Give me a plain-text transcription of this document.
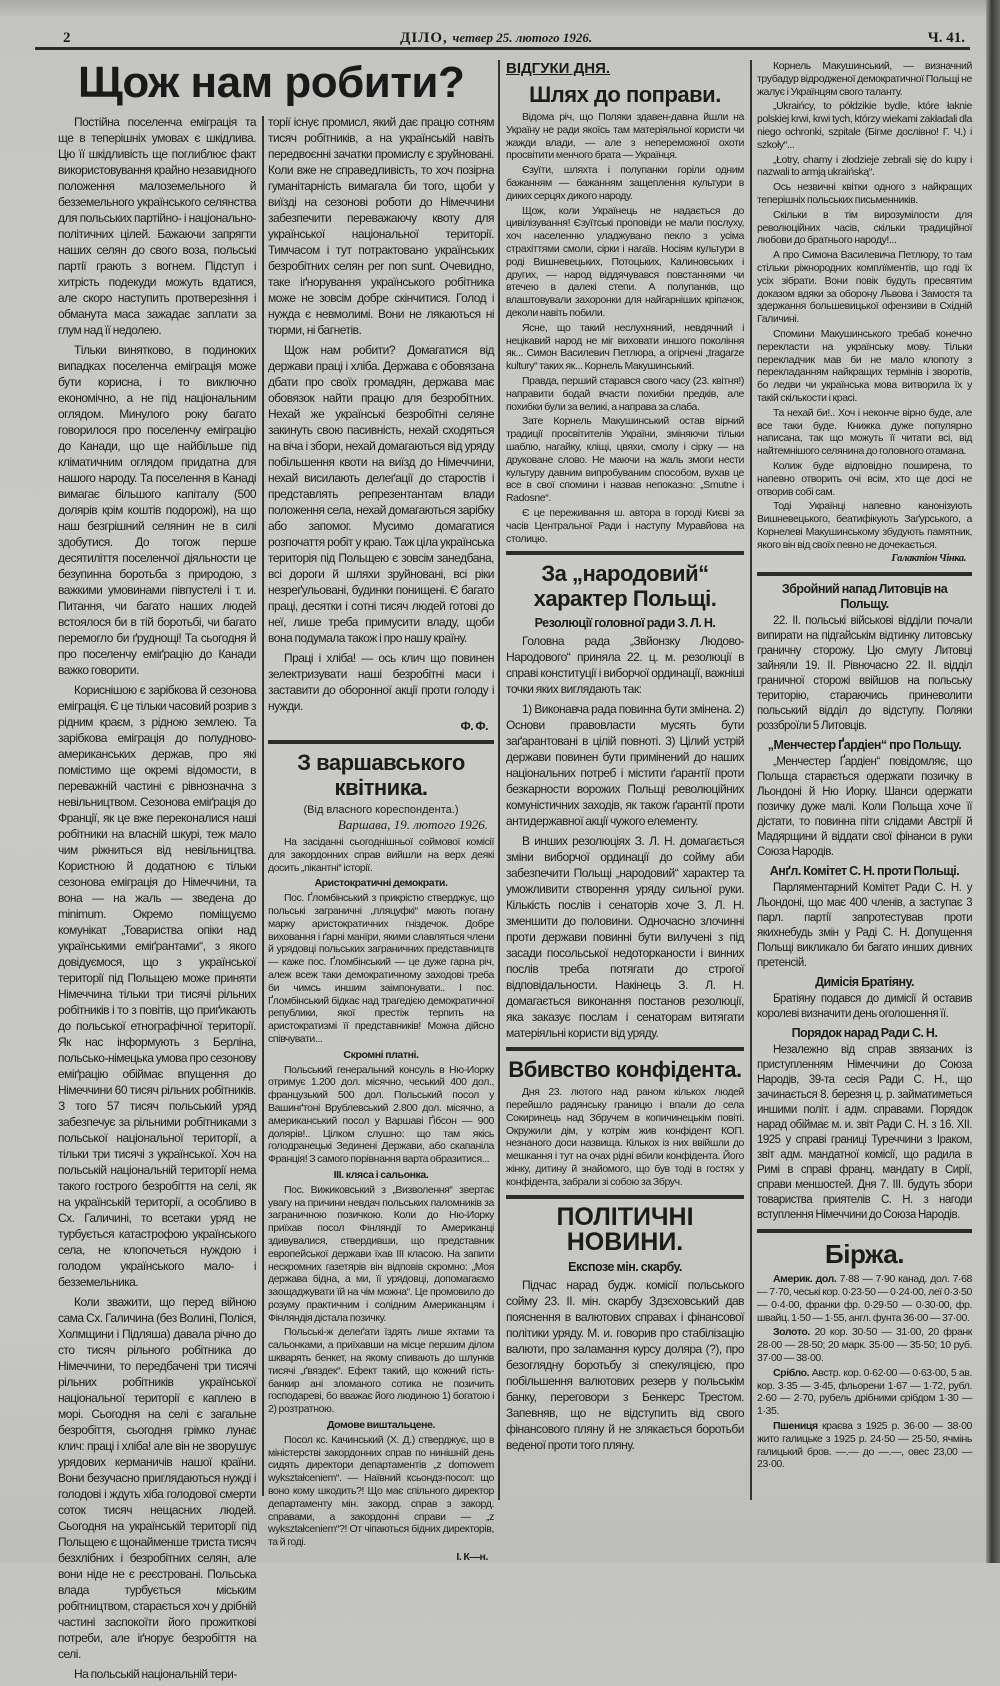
2	ДІЛО, четвер 25. лютого 1926.	Ч. 41.
Щож нам робити?

Постійна поселенча еміграція та ще в теперішніх умовах є шкідлива. Цю її шкідливість ще поглиблює факт використовування крайно незавидного положення малоземельного й безземельного українського селянства для польських партійно- і національно-політичних цілей. Бажаючи запрягти наших селян до свого воза, польські партії грають з вогнем. Підступ і хитрість подекуди можуть вдатися, але скоро наступить протверезіння і обманута маса зажадає заплати за глум над її недолею.

Тільки винятково, в подиноких випадках поселенча еміграція може бути корисна, і то виключно економічно, а не під національним оглядом. Минулого року багато говорилося про поселенчу еміграцію до Канади, що ще найбільше під кліматичним оглядом придатна для нашого народу. Та поселення в Канаді вимагає більшого капіталу (500 долярів крім коштів подорожі), на що наш безгрішний селянин не в силі здобутися. До тогож перше десятиліття поселенчої діяльности це безупинна боротьба з природою, з важкими умовинами півпустелі і т. и. Питання, чи багато наших людей встоялося би в тій боротьбі, чи багато перемогло би ґруднощі! Та сьогодня й про поселенчу еміґрацію до Канади важко говорити.

Кориснішою є зарібкова й сезонова еміграція. Є це тільки часовий розрив з рідним краєм, з рідною землею. Та зарібкова еміграція до полудново-американських держав, про які помістимо ще окремі відомости, в переважній частині є рівнозначна з невільництвом. Сезонова еміґрація до Франції, як це вже переконалися наші робітники на власній шкурі, теж мало чим ріжниться від невільництва. Користною й додатною є тільки сезонова еміграція до Німеччини, та вона — на жаль — зведена до minimum. Окремо поміщуємо комунікат „Товариства опіки над українськими еміґрантами“, з якого довідуємося, що з української території під Польщею може приняти Німеччина тільки три тисячі рільних робітників і то з повітів, що приґикають до польської етнографічної території. Як нас інформують з Берліна, польсько-німецька умова про сезонову еміґрацію обіймає впущення до Німеччини 60 тисяч рільних робітників. З того 57 тисяч польський уряд забезпечує за рільними робітниками з польської національної території, а тільки три тисячі з української. Хоч на польській національній території нема такого гострого безробіття на селі, як на українській території, а особливо в Сх. Галичині, то всетаки уряд не турбується катастрофою українського села, не клопочеться нуждою і голодом українського мало- і безземельника.

Коли зважити, що перед війною сама Сх. Галичина (без Волині, Поліся, Холмщини і Підляша) давала річно до сто тисяч рільного робітника до Німеччини, то передбачені три тисячі рільних робітників української національної території є каплею в морі. Сьогодня на селі є загальне безробіття, сьогодня грімко лунає клич: праці і хліба! але він не зворушує урядових керманичів нашої країни. Вони безучасно приглядаються нужді і голодові і ждуть хіба голодової смерти соток тисяч нещасних людей. Сьогодня на українській території під Польщею є щонайменше триста тисяч безхлібних і безробітних селян, але вони ніде не є реєстровані. Польська влада турбується міським робітництвом, старається хоч у дрібній частині заспокоїти його прожиткові потреби, але іґнорує безробіття на селі.

На польській національній тери-

торії існує промисл, який дає працю сотням тисяч робітників, а на українській навіть передвоєнні зачатки промислу є зруйновані. Коли вже не справедливість, то хоч позірна гуманітарність вимагала би того, щоби у виїзді на сезонові роботи до Німеччини забезпечити переважаючу квоту для української національної території. Тимчасом і тут потрактовано українських безробітних селян per non sunt. Очевидно, таке іґнорування українського робітника може не зовсім добре скінчитися. Голод і нужда є невмолимі. Вони не лякаються ні тюрми, ні багнетів.

Щож нам робити? Домагатися від держави праці і хліба. Держава є обовязана дбати про своїх громадян, держава має обовязок найти працю для безробітних. Нехай же українські безробітні селяне закинуть свою пасивність, нехай сходяться на віча і збори, нехай домагаються від уряду побільшення квоти на виїзд до Німеччини, нехай висилають делеґації до старостів і представлять репрезентантам влади положення села, нехай домагаються зарібку або запомог. Мусимо домагатися розпочаття робіт у краю. Таж ціла українська територія під Польщею є зовсім занедбана, всі дороги й шляхи зруйновані, всі ріки незреґульовані, будинки понищені. Є багато праці, десятки і сотні тисяч людей готові до неї, лише треба примусити владу, щоби вона подумала також і про нашу країну.

Праці і хліба! — ось клич що повинен зелектризувати наші безробітні маси і заставити до оборонної акції проти голоду і нужди.

Ф. Ф.

З варшавського квітника.

(Від власного кореспондента.)

Варшава, 19. лютого 1926.

На засіданні сьогоднішньої соймової комісії для закордонних справ вийшли на верх деякі досить „пікантні“ історії.

Аристократичні демократи.

Пос. Ґломбінський з прикрістю стверджує, що польські заграничні „пляцуфкі“ мають погану марку аристократичних гніздечок. Добре виховання і ґарні манїри, якими славляться члени й урядовці польських заграничних представництв — каже пос. Ґломбінський — це дуже гарна річ, алеж всеж таки демократичному заходові треба би чимсь иншим заімпонувати.. І пос. Ґломбінський бідкає над трагедією демократичної републики, якої престіж терпить на аристократизмі її представників! Можна дійсно співчувати...

Скромні платні.

Польський генеральний консуль в Ню-Иорку отримує 1.200 дол. місячно, чеський 400 дол., французький 500 дол. Польський посол у Вашинґтоні Врублевський 2.800 дол. місячно, а американський посол у Варшаві Ґібсон — 900 долярів!.. Цілком слушно: що там якісь голодранецькі Зединені Держави, або скапаніла Франція! З самого порівнання варта образитися...

III. кляса і сальонка.

Пос. Вижиковський з „Визволення“ звертає увагу на причини невдач польських паломників за заграничною позичкою. Коли до Ню-Иорку приїхав посол Фінляндії то Американці здивувалися, ствердивши, що представник европейської держави їхав III класою. На запити нескромних газетярів він відповів скромно: „Моя держава бідна, а ми, її урядовці, допомагаємо заощаджувати їй на чім можна“. Це промовило до розуму практичним і солідним Американцям і Фінляндія дістала позичку.

Польські-ж делеґати їздять лише яхтами та сальонками, а приїхавши на місце першим ділом шкварять бенкет, на якому спивають до шлунків тисячі „ґвяздек“. Ефект такий, що кожний гість-банкир ані зломаного сотика не позичить господареві, бо вважає його людиною 1) богатою і 2) розтратною.

Домове виштальцене.

Посол кс. Качинський (Х. Д.) стверджує, що в міністерстві закордонних справ по нинішній день сидять директори департаментів „z domowem wykształceniem“. — Наївний ксьондз-посол: що воно кому шкодить?! Що має спільного директор департаменту мін. закорд. справ з закорд. справами, а закордонні справи — „z wykształceniem“?! От чіпаються бідних директорів, та й годі.

І. К—н.

ВІДГУКИ ДНЯ.
Шлях до поправи.

Відома річ, що Поляки здавен-давна йшли на Україну не ради якоїсь там матеріяльної користи чи жажди влади, — але з непереможної охоти просвітити менчого брата — Українця.

Єзуїти, шляхта і полупанки горіли одним бажанням — бажанням защеплення культури в диких серцях дикого народу.

Щож, коли Українець не надається до цивілізування! Єзуїтські проповіди не мали послуху, хоч населенню уладжувано пекло з усіма страхіттями смоли, сірки і нагаїв. Носіям культури в роді Вишневецьких, Потоцьких, Калиновських і других, — народ віддячувався повстаннями чи втечею в далекі степи. А полупанків, що влаштовували захоронки для найгарніших кріпачок, деколи навіть побили.

Ясне, що такий неслухняний, невдячний і нецікавий народ не міг виховати иншого покоління як... Симон Василевич Петлюра, а огірчені „tragarze kultury“ таких як... Корнель Макушинський.

Правда, перший старався свого часу (23. квітня!) направити бодай вчасти похибки предків, але похибки були за великі, а направа за слаба.

Зате Корнель Макушинський остав вірний традиції просвітителів України, зміняючи тільки шаблю, нагайку, кліщі, цвяхи, смолу і сірку — на друковане слово. Не маючи на жаль змоги нести культуру давним випробуваним способом, вухав це все в свої спомини і назвав непоказно: „Smutne i Radosne“.

Є це переживання ш. автора в городі Києві за часів Центральної Ради і наступу Муравйова на столицю.

За „народовий“ характер Польщі.
Резолюції головної ради З. Л. Н.

Головна рада „Звйонзку Людово-Народового“ приняла 22. ц. м. резолюції в справі конституції і виборчої ординації, важніші точки яких виглядають так:

1) Виконавча рада повинна бути змінена. 2) Основи правовласти мусять бути заґарантовані в цілій повноті. 3) Цілий устрій держави повинен бути примінений до наших національних потреб і містити ґарантії проти безкарности ворожих Польщі революційних комуністичних заходів, як також ґарантії проти антидержавної акції чужого елементу.

В инших резолюціях З. Л. Н. домагається зміни виборчої ординації до сойму аби забезпечити Польщі „народовий“ характер та уможливити створення уряду сильної руки. Кількість послів і сенаторів хоче З. Л. Н. зменшити до половини. Одночасно злочинні проти держави повинні бути вилучені з під засади посольської недоторканости і винних послів треба потягати до строгої відповідальности. Накінець З. Л. Н. домагається виконання постанов резолюції, яка заказує послам і сенаторам витягати матеріяльні користи від уряду.

Вбивство конфідента.

Дня 23. лютого над раном кількох людей перейшло радянську границю і впали до села Сокиринець над Збручем в копичинецькім повіті. Окружили дім, у котрім жив конфідент КОП. незнаного доси назвища. Кількох із них ввійшли до мешкання і тут на очах рідні вбили конфідента. Його жінку, дитину й знайомого, що був тоді в гостях у конфідента, забрали зі собою за Збруч.

ПОЛІТИЧНІ НОВИНИ.
Експозе мін. скарбу.

Підчас нарад будж. комісії польського сойму 23. II. мін. скарбу Здзєховський дав пояснення в валютових справах і фінансової політики уряду. М. и. говорив про стабілізацію валюти, про заламання курсу доляра (?), про безоглядну боротьбу зі спекуляцією, про побільшення валютових резерв у польськім банку, переговори з Бенкерс Трестом. Запевняв, що не відступить від свого фінансового пляну й не злякається боротьби веденої проти того пляну.

Корнель Макушинський, — визначний трубадур відродженої демократичної Польщі не жалує і Українцям свого таланту.

„Ukraińcy, to półdzikie bydle, które łaknie polskiej krwi, krwi tych, którzy wiekami zakładali dla niego ochronki, szpitale (Бігме дослівно! Г. Ч.) i szkoły“...

„Łotry, chamy i złodzieje zebrali się do kupy i nazwali to armją ukraińską“.

Ось незвичні квітки одного з найкращих теперішніх польських письменників.

Скільки в тім вирозумілости для революційних часів, скільки традиційної любови до братнього народу!...

А про Симона Василевича Петлюру, то там стільки ріжнородних комплїментів, що годі їх усіх зібрати. Вони повік будуть пресвятим доказом вдяки за оборону Львова і Замостя та здержання большевицької офензиви в Східній Галичині.

Спомини Макушинського требаб конечно перекласти на українську мову. Тільки перекладчик мав би не мало клопоту з перекладанням найкращих термінів і зворотів, бо ледви чи українська мова витворила їх у такій скількости і красі.

Та нехай би!.. Хоч і неконче вірно буде, але все таки буде. Книжка дуже популярно написана, так що можуть її читати всі, від найтемнішого селянина до головного отамана.

Колиж буде відповідно поширена, то напевно отворить очі всім, хто ще досі не отворив собі сам.

Тоді Українці напевно канонізують Вишневецького, беатифікують Заґурського, а Корнелеві Макушинському збудують памятник, якого він від своїх певно не дочекається.

Галактіон Чінка.

Збройний напад Литовців на Польщу.

22. II. польські військові відділи почали випирати на підгайськім відтинку литовську граничну сторожу. Цю смугу Литовці зайняли 19. II. Рівночасно 22. II. відділ граничної сторожі ввійшов на польську територію, стараючись приневолити польський відділ до відступу. Поляки роззброїли 5 Литовців.

„Менчестер Ґардіен“ про Польщу.

„Менчестер Ґардіен“ повідомляє, що Польща старається одержати позичку в Льондоні й Ню Иорку. Шанси одержати позичку дуже малі. Коли Польща хоче її дістати, то повинна піти слідами Австрії й Мадярщини й віддати свої фінанси в руки Союза Народів.

Анґл. Комітет С. Н. проти Польщі.

Парляментарний Комітет Ради С. Н. у Льондоні, що має 400 членів, а заступає 3 парл. партії запротестував проти якихнебудь змін у Раді С. Н. Допущення Польщі викликало би багато инших дивних претенсій.

Димісія Братіяну.

Братіяну подався до димісії й оставив королеві визначити день оголошення її.

Порядок нарад Ради С. Н.

Незалежно від справ звязаних із приступленням Німеччини до Союза Народів, 39-та сесія Ради С. Н., що зачинається 8. березня ц. р. займатиметься иншими політ. і адм. справами. Порядок нарад обіймає м. и. звіт Ради С. Н. з 16. XII. 1925 у справі границі Туреччини з Іраком, звіт адм. мандатної комісії, що радила в Римі в справі франц. мандату в Сирії, справи меншостей. Дня 7. III. будуть збори товариства приятелів С. Н. з нагоди вступлення Німеччини до Союза Народів.

Біржа.

Америк. дол. 7·88 — 7·90 канад. дол. 7·68 — 7·70, чеські кор. 0·23·50 — 0·24·00, леї 0·3·50 — 0·4·00, франки фр. 0·29·50 — 0·30·00, фр. швайц. 1·50 — 1·55, англ. фунта 36·00 — 37·00.

Золото. 20 кор. 30·50 — 31·00, 20 франк 28·00 — 28·50; 20 марк. 35·00 — 35·50; 10 руб. 37·00 — 38·00.

Срібло. Австр. кор. 0·62·00 — 0·63·00, 5 ав. кор. 3·35 — 3·45, фльорени 1·67 — 1·72, рубл. 2·60 — 2·70, рубель дрібними срібдом 1·30 — 1·35.

Пшениця краєва з 1925 р. 36·00 — 38·00 жито галицьке з 1925 р. 24·50 — 25·50, ячмінь галицький бров. —.— до —.—, овес 23,00 — 23·00.
